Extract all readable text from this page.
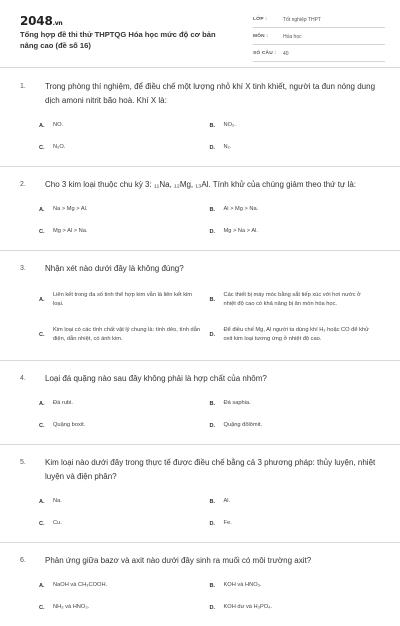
2048.vn
Tổng hợp đề thi thử THPTQG Hóa học mức độ cơ bản nâng cao (đề số 16)
LỚP :	Tốt nghiệp THPT
MÔN :	Hóa học
SỐ CÂU : 40
1. Trong phòng thí nghiệm, để điều chế một lượng nhỏ khí X tinh khiết, người ta đun nóng dung dịch amoni nitrit bão hoà. Khí X là:
A.	NO.	B.	NO₂.
C.	N₂O.	D.	N₂.
2. Cho 3 kim loại thuộc chu kỳ 3: ₁₁Na, ₁₂Mg, ₁₃Al. Tính khử của chúng giảm theo thứ tự là:
A.	Na > Mg > Al.	B.	Al > Mg > Na.
C.	Mg > Al > Na.	D.	Mg > Na > Al.
3. Nhận xét nào dưới đây là không đúng?
A.
Liên kết trong đa số tinh thể hợp kim vẫn là liên kết kim loại.
B.
Các thiết bị máy móc bằng sắt tiếp xúc với hơi nước ở nhiệt độ cao có khả năng bị ăn mòn hóa học.
C.
Kim loại có các tính chất vật lý chung là: tính dẻo, tính dẫn điện, dẫn nhiệt, có ánh kim.
D.
Để điều chế Mg, Al người ta dùng khí H₂ hoặc CO để khử oxit kim loại tương ứng ở nhiệt độ cao.
4. Loại đá quặng nào sau đây không phải là hợp chất của nhôm?
A.	Đá rubi.	B.	Đá saphia.
C.	Quặng boxit.	D.	Quặng đôlômit.
5. Kim loại nào dưới đây trong thực tế được điều chế bằng cả 3 phương pháp: thủy luyện, nhiệt luyện và điện phân?
A.	Na.	B.	Al.
C.	Cu.	D.	Fe.
6. Phản ứng giữa bazơ và axit nào dưới đây sinh ra muối có môi trường axit?
A.	NaOH và CH₃COOH.	B.	KOH và HNO₃.
C.	NH₃ và HNO₃.	D.	KOH dư và H₃PO₄.
